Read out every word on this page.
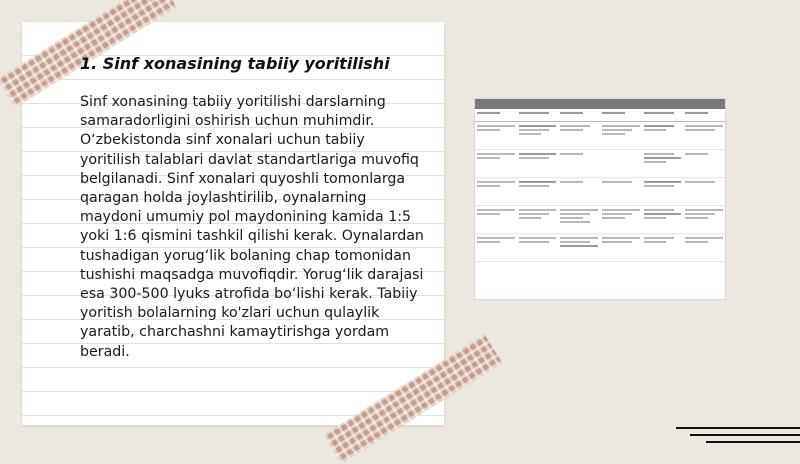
1. Sinf xonasining tabiiy yoritilishi

Sinf xonasining tabiiy yoritilishi darslarning samaradorligini oshirish uchun muhimdir. O‘zbekistonda sinf xonalari uchun tabiiy yoritilish talablari davlat standartlariga muvofiq belgilanadi. Sinf xonalari quyoshli tomonlarga qaragan holda joylashtirilib, oynalarning maydoni umumiy pol maydonining kamida 1:5 yoki 1:6 qismini tashkil qilishi kerak. Oynalardan tushadigan yorug‘lik bolaning chap tomonidan tushishi maqsadga muvofiqdir. Yorug‘lik darajasi esa 300-500 lyuks atrofida bo‘lishi kerak. Tabiiy yoritish bolalarning ko'zlari uchun qulaylik yaratib, charchashni kamaytirishga yordam beradi.
